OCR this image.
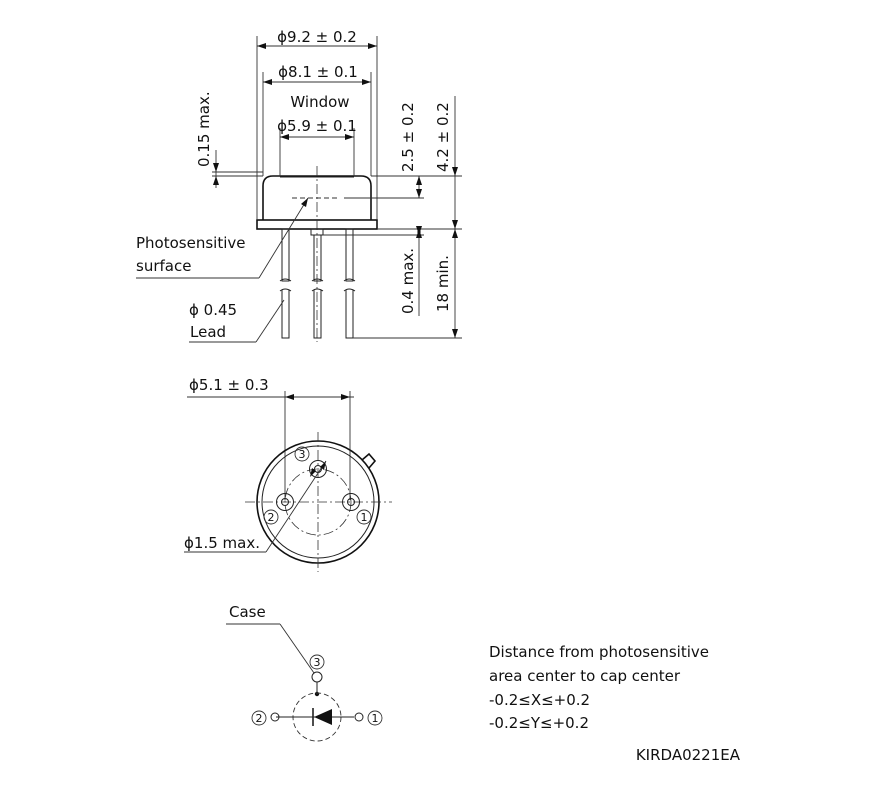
ϕ9.2 ± 0.2
ϕ8.1 ± 0.1
Window
ϕ5.9 ± 0.1
0.15 max.	2.5 ± 0.2 4.2 ± 0.2
0.4 max. 18 min.
Photosensitive
surface
ϕ 0.45
Lead
ϕ5.1 ± 0.3
3
2	1
ϕ1.5 max.
Case
3
2	1
Distance from photosensitive
area center to cap center
-0.2≤X≤+0.2
-0.2≤Y≤+0.2
KIRDA0221EA
